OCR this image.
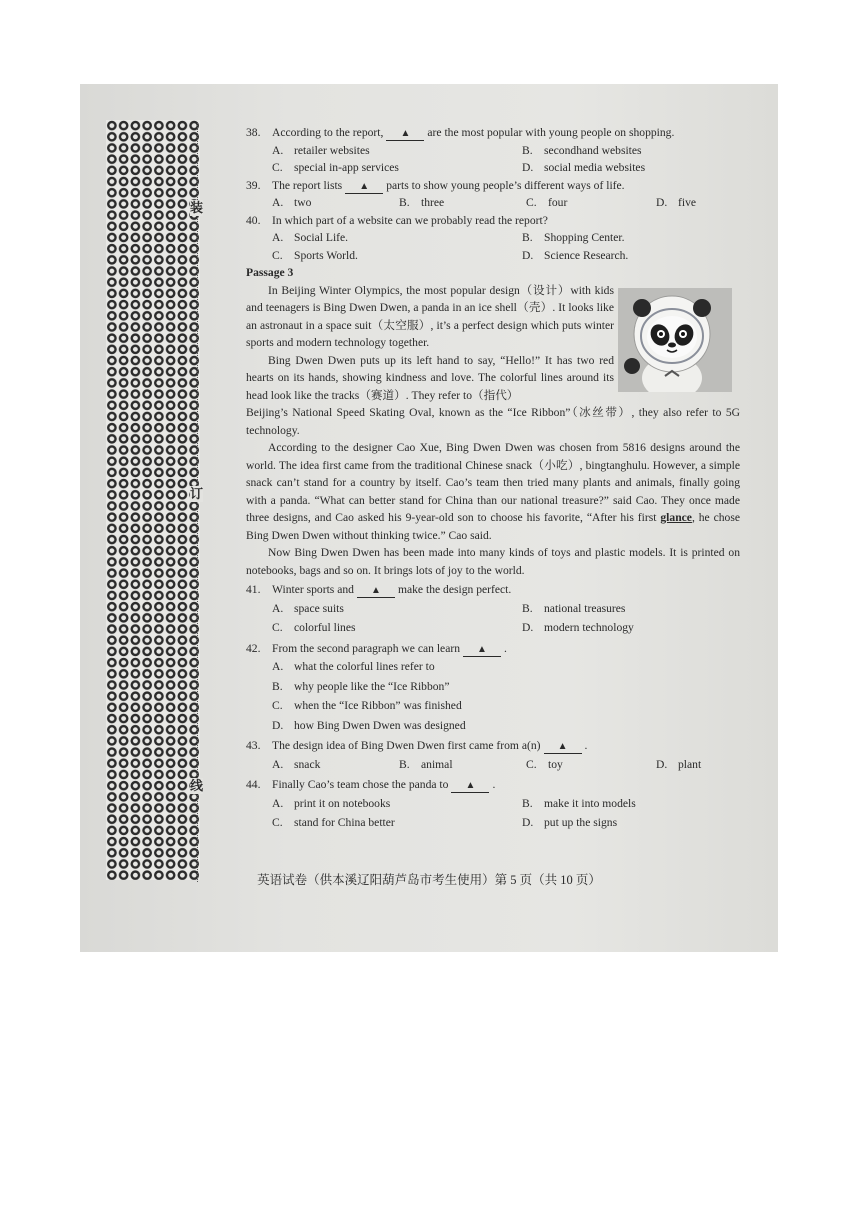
装
订
线

38. According to the report, ▲ are the most popular with young people on shopping.

A. retailer websites	B. secondhand websites
C. special in-app services	D. social media websites

39. The report lists ▲ parts to show young people’s different ways of life.

A. two	B. three	C. four	D. five

40. In which part of a website can we probably read the report?

A. Social Life.	B. Shopping Center.
C. Sports World.	D. Science Research.

Passage 3

In Beijing Winter Olympics, the most popular design（设计）with kids and teenagers is Bing Dwen Dwen, a panda in an ice shell（壳）. It looks like an astronaut in a space suit（太空服）, it’s a perfect design which puts winter sports and modern technology together.

Bing Dwen Dwen puts up its left hand to say, “Hello!” It has two red hearts on its hands, showing kindness and love. The colorful lines around its head look like the tracks（赛道）. They refer to（指代）

Beijing’s National Speed Skating Oval, known as the “Ice Ribbon”（冰丝带）, they also refer to 5G technology.

According to the designer Cao Xue, Bing Dwen Dwen was chosen from 5816 designs around the world. The idea first came from the traditional Chinese snack（小吃）, bingtanghulu. However, a simple snack can’t stand for a country by itself. Cao’s team then tried many plants and animals, finally going with a panda. “What can better stand for China than our national treasure?” said Cao. They once made three designs, and Cao asked his 9-year-old son to choose his favorite, “After his first glance, he chose Bing Dwen Dwen without thinking twice.” Cao said.

Now Bing Dwen Dwen has been made into many kinds of toys and plastic models. It is printed on notebooks, bags and so on. It brings lots of joy to the world.

41. Winter sports and ▲ make the design perfect.

A. space suits	B. national treasures
C. colorful lines	D. modern technology

42. From the second paragraph we can learn ▲ .

A. what the colorful lines refer to
B. why people like the “Ice Ribbon”
C. when the “Ice Ribbon” was finished
D. how Bing Dwen Dwen was designed

43. The design idea of Bing Dwen Dwen first came from a(n) ▲ .

A. snack	B. animal	C. toy	D. plant

44. Finally Cao’s team chose the panda to ▲ .

A. print it on notebooks	B. make it into models
C. stand for China better	D. put up the signs
英语试卷（供本溪辽阳葫芦岛市考生使用）第 5 页（共 10 页）
